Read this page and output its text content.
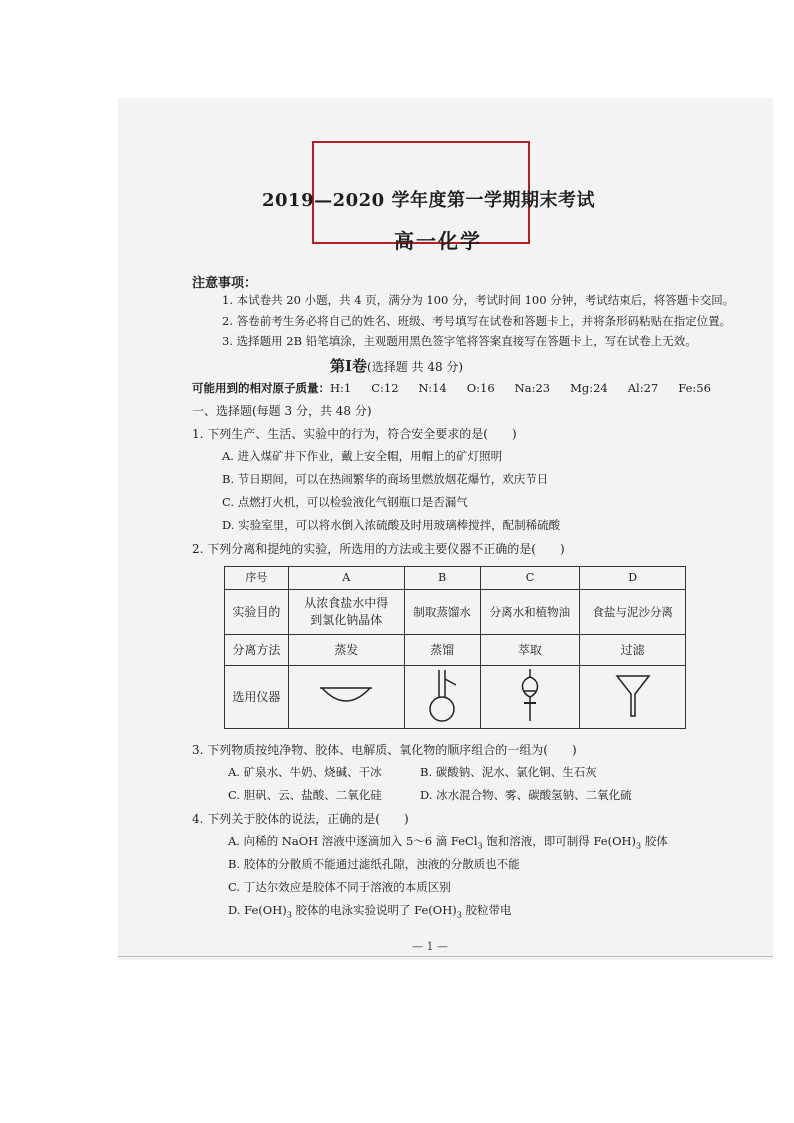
2019—2020 学年度第一学期期末考试
高一化学
注意事项：
1. 本试卷共 20 小题，共 4 页，满分为 100 分，考试时间 100 分钟，考试结束后，将答题卡交回。
2. 答卷前考生务必将自己的姓名、班级、考号填写在试卷和答题卡上，并将条形码粘贴在指定位置。
3. 选择题用 2B 铅笔填涂，主观题用黑色签字笔将答案直接写在答题卡上，写在试卷上无效。
第Ⅰ卷(选择题 共 48 分)
可能用到的相对原子质量：H:1 C:12 N:14 O:16 Na:23 Mg:24 Al:27 Fe:56
一、选择题(每题 3 分，共 48 分)
1. 下列生产、生活、实验中的行为，符合安全要求的是(　　)
A. 进入煤矿井下作业，戴上安全帽，用帽上的矿灯照明
B. 节日期间，可以在热闹繁华的商场里燃放烟花爆竹，欢庆节日
C. 点燃打火机，可以检验液化气钢瓶口是否漏气
D. 实验室里，可以将水倒入浓硫酸及时用玻璃棒搅拌，配制稀硫酸
2. 下列分离和提纯的实验，所选用的方法或主要仪器不正确的是(　　)
序号	A	B	C	D
实验目的	从浓食盐水中得到氯化钠晶体	制取蒸馏水	分离水和植物油	食盐与泥沙分离
分离方法	蒸发	蒸馏	萃取	过滤
选用仪器				
3. 下列物质按纯净物、胶体、电解质、氧化物的顺序组合的一组为(　　)
A. 矿泉水、牛奶、烧碱、干冰	B. 碳酸钠、泥水、氯化铜、生石灰
C. 胆矾、云、盐酸、二氧化硅	D. 冰水混合物、雾、碳酸氢钠、二氧化硫
4. 下列关于胶体的说法，正确的是(　　)
A. 向稀的 NaOH 溶液中逐滴加入 5～6 滴 FeCl$_3$ 饱和溶液，即可制得 $Fe(OH)_3$ 胶体
B. 胶体的分散质不能通过滤纸孔隙，浊液的分散质也不能
C. 丁达尔效应是胶体不同于溶液的本质区别
D. $Fe(OH)_3$ 胶体的电泳实验说明了 $Fe(OH)_3$ 胶粒带电
— 1 —
